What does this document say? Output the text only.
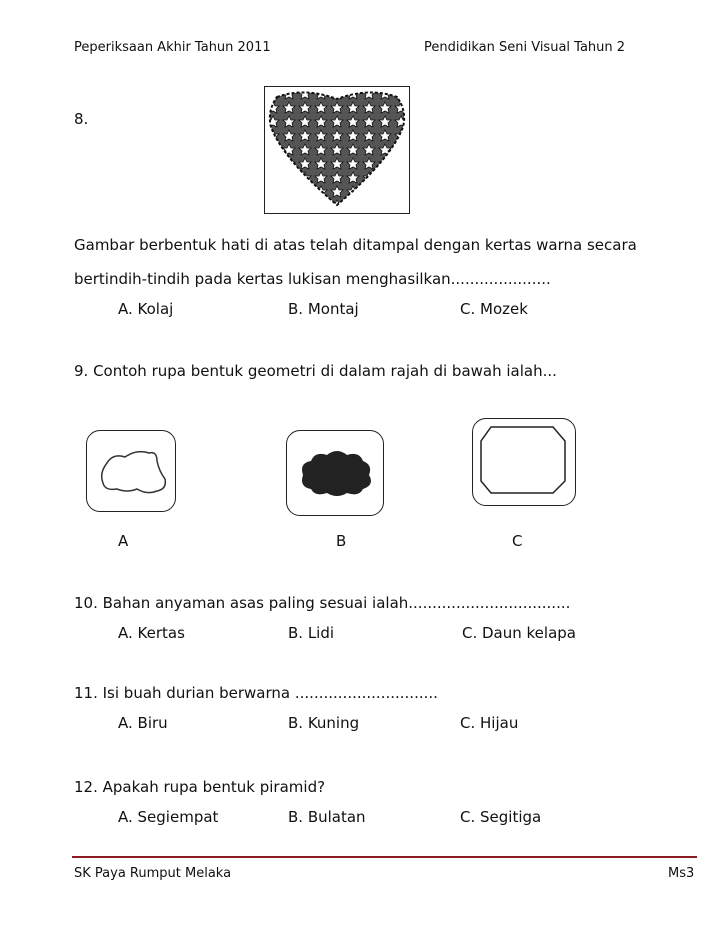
Peperiksaan Akhir Tahun 2011	Pendidikan Seni Visual Tahun 2
8.
Gambar berbentuk hati di atas telah ditampal dengan kertas warna secara
bertindih-tindih pada kertas lukisan menghasilkan.....................
A. Kolaj	B. Montaj	C. Mozek
9. Contoh rupa bentuk geometri di dalam rajah di bawah ialah...
A	B	C
10. Bahan anyaman asas paling sesuai ialah..................................
A. Kertas	B. Lidi	C. Daun kelapa
11. Isi buah durian berwarna ..............................
A. Biru	B. Kuning	C. Hijau
12. Apakah rupa bentuk piramid?
A. Segiempat	B. Bulatan	C. Segitiga
SK Paya Rumput Melaka	Ms3
